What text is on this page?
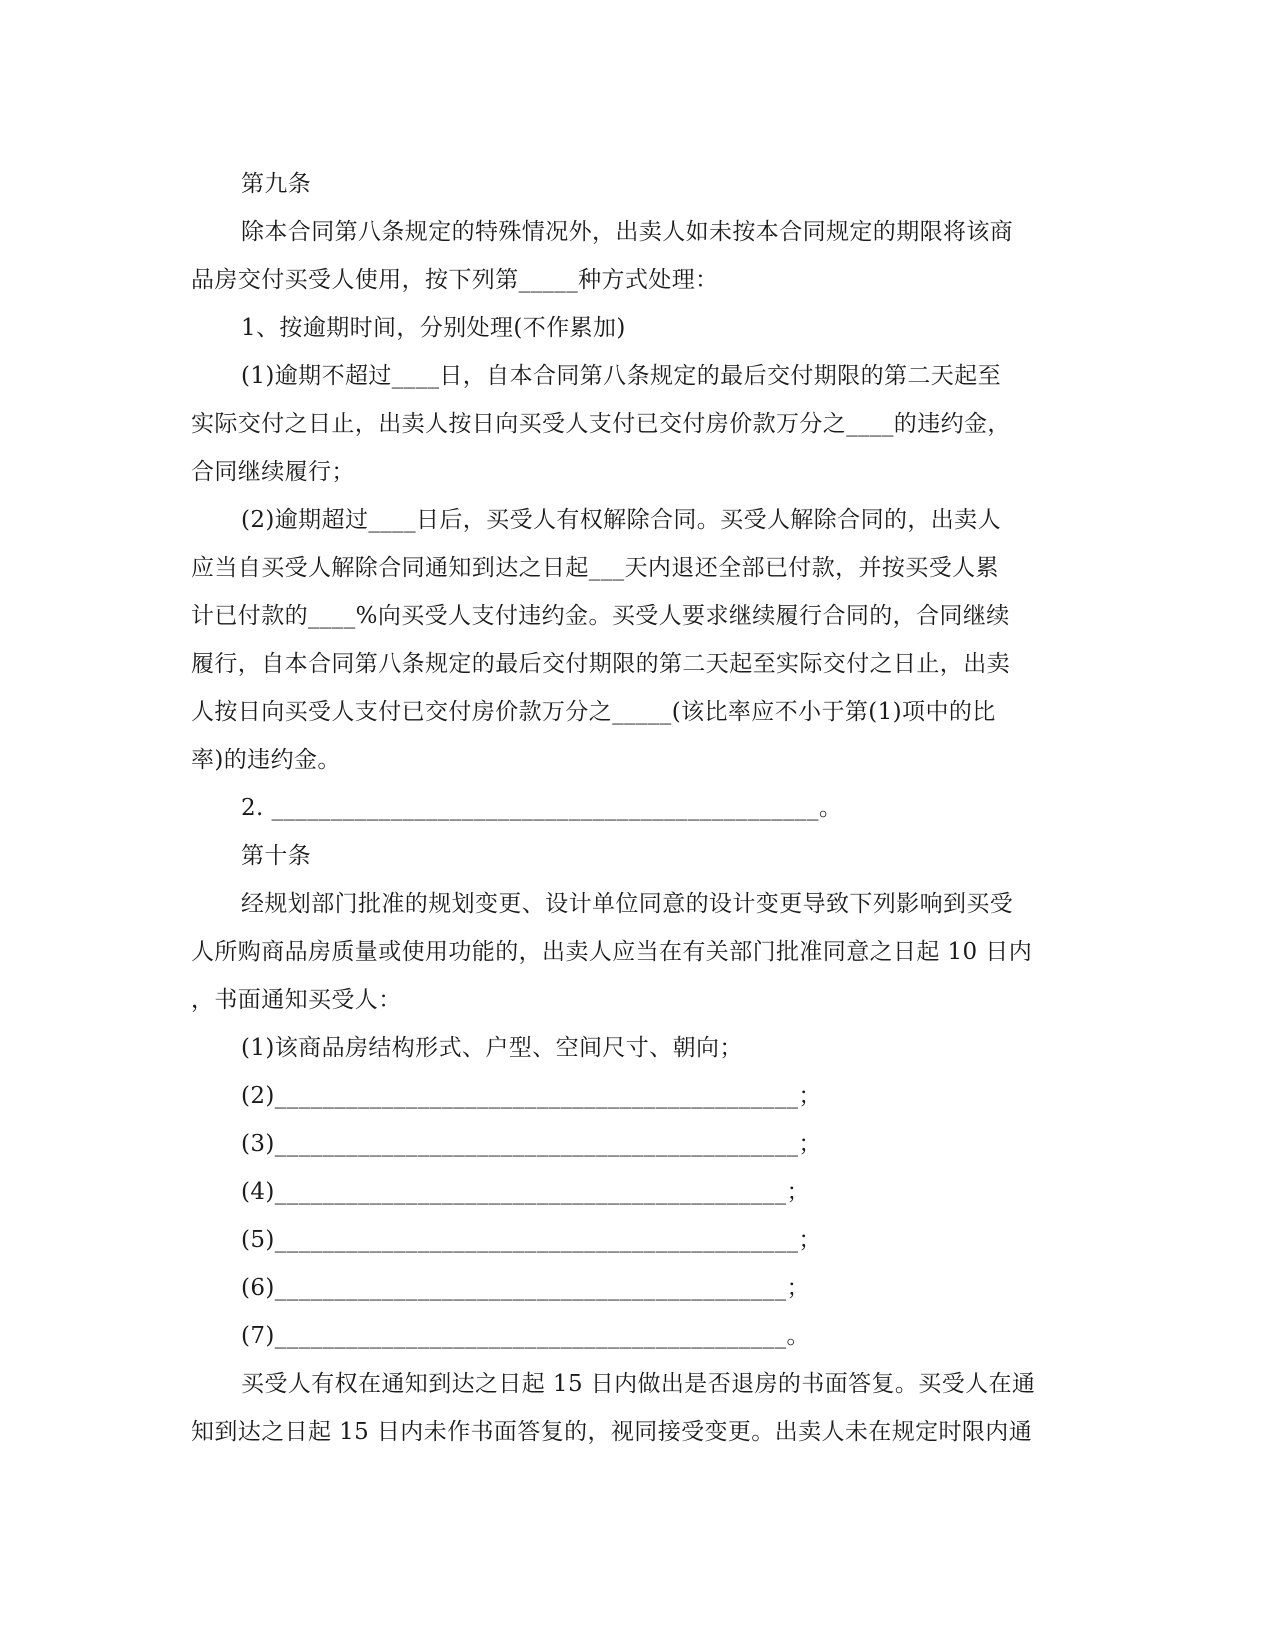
第九条
除本合同第八条规定的特殊情况外，出卖人如未按本合同规定的期限将该商
品房交付买受人使用，按下列第_____种方式处理：
1、按逾期时间，分别处理(不作累加)
(1)逾期不超过____日，自本合同第八条规定的最后交付期限的第二天起至
实际交付之日止，出卖人按日向买受人支付已交付房价款万分之____的违约金，
合同继续履行；
(2)逾期超过____日后，买受人有权解除合同。买受人解除合同的，出卖人
应当自买受人解除合同通知到达之日起___天内退还全部已付款，并按买受人累
计已付款的____%向买受人支付违约金。买受人要求继续履行合同的，合同继续
履行，自本合同第八条规定的最后交付期限的第二天起至实际交付之日止，出卖
人按日向买受人支付已交付房价款万分之_____(该比率应不小于第(1)项中的比
率)的违约金。
2. ______________________________________________。
第十条
经规划部门批准的规划变更、设计单位同意的设计变更导致下列影响到买受
人所购商品房质量或使用功能的，出卖人应当在有关部门批准同意之日起 10 日内
，书面通知买受人：
(1)该商品房结构形式、户型、空间尺寸、朝向；
(2)____________________________________________；
(3)____________________________________________；
(4)___________________________________________；
(5)____________________________________________；
(6)___________________________________________；
(7)___________________________________________。
买受人有权在通知到达之日起 15 日内做出是否退房的书面答复。买受人在通
知到达之日起 15 日内未作书面答复的，视同接受变更。出卖人未在规定时限内通
